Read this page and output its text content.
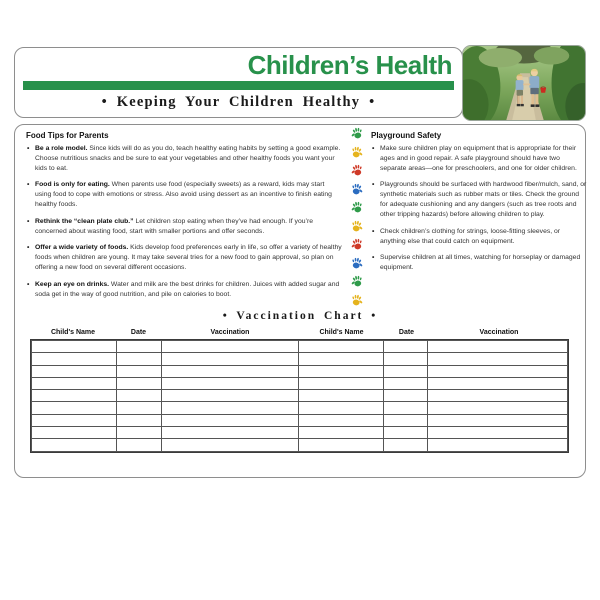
Children’s Health
• Keeping Your Children Healthy •
Food Tips for Parents

• Be a role model. Since kids will do as you do, teach healthy eating habits by setting a good example. Choose nutritious snacks and be sure to eat your vegetables and other healthy foods you want your kids to eat.

• Food is only for eating. When parents use food (especially sweets) as a reward, kids may start using food to cope with emotions or stress. Also avoid using dessert as an incentive to finish eating healthy foods.

• Rethink the “clean plate club.” Let children stop eating when they’ve had enough. If you’re concerned about wasting food, start with smaller portions and offer seconds.

• Offer a wide variety of foods. Kids develop food preferences early in life, so offer a variety of healthy foods when children are young. It may take several tries for a new food to gain approval, so plan on offering a new food on several different occasions.

• Keep an eye on drinks. Water and milk are the best drinks for children. Juices with added sugar and soda get in the way of good nutrition, and pile on calories to boot.

Playground Safety

• Make sure children play on equipment that is appropriate for their ages and in good repair. A safe playground should have two separate areas—one for preschoolers, and one for older children.

• Playgrounds should be surfaced with hardwood fiber/mulch, sand, or synthetic materials such as rubber mats or tiles. Check the ground for adequate cushioning and any dangers (such as tree roots and other tripping hazards) before allowing children to play.

• Check children’s clothing for strings, loose-fitting sleeves, or anything else that could catch on equipment.

• Supervise children at all times, watching for horseplay or damaged equipment.

• Vaccination Chart •
Child's Name	Date	Vaccination	Child's Name	Date	Vaccination
